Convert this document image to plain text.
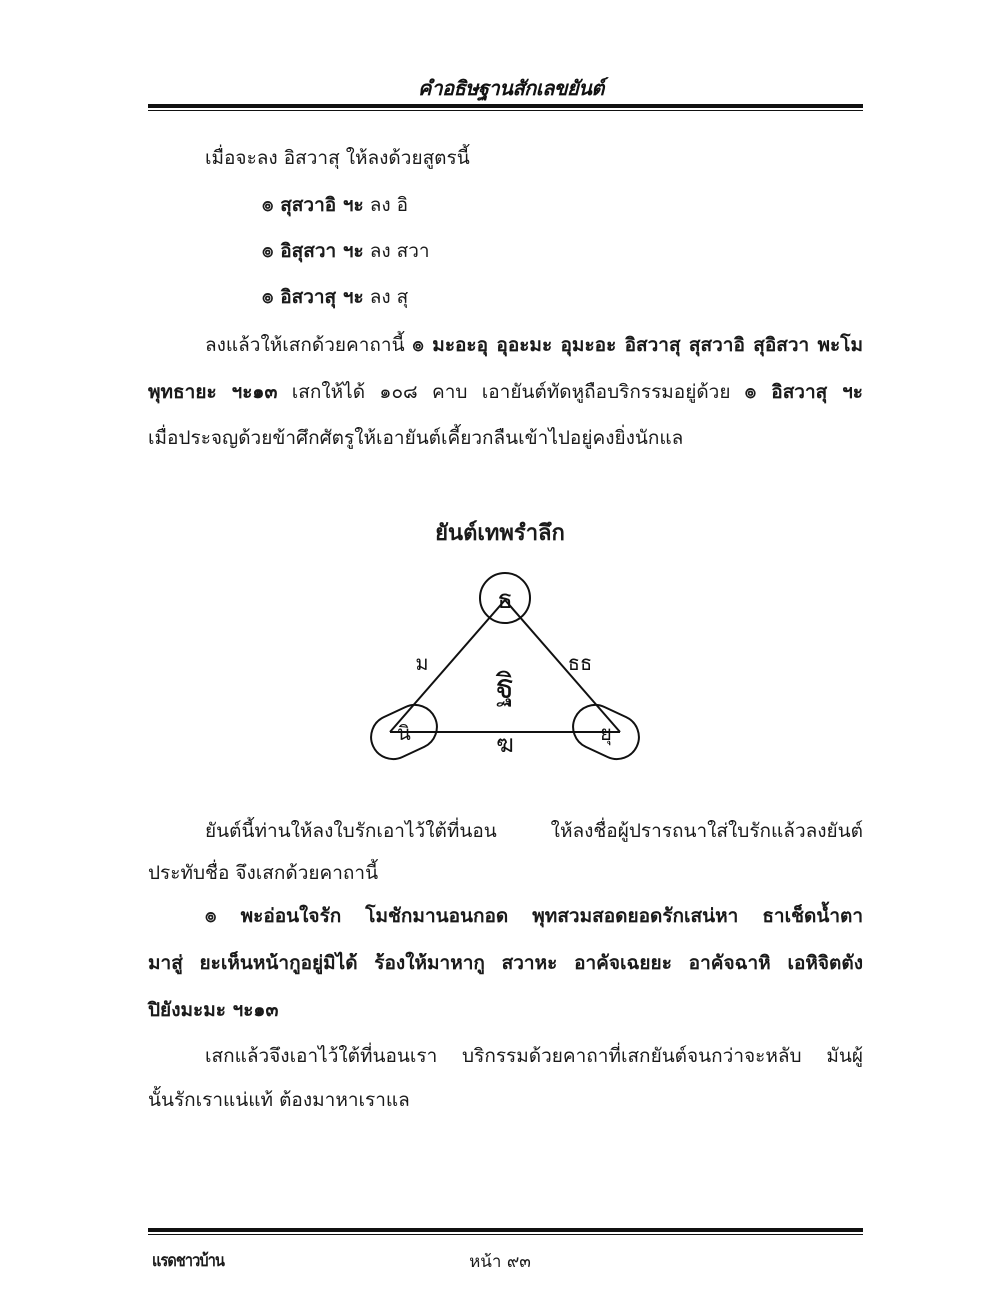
คำอธิษฐานสักเลขยันต์
เมื่อจะลง อิสวาสุ ให้ลงด้วยสูตรนี้
๏ สุสวาอิ ฯะ ลง อิ
๏ อิสุสวา ฯะ ลง สวา
๏ อิสวาสุ ฯะ ลง สุ
ลงแล้วให้เสกด้วยคาถานี้ ๏ มะอะอุ อุอะมะ อุมะอะ อิสวาสุ สุสวาอิ สุอิสวา พะโม
พุทธายะ ฯะ๑๓ เสกให้ได้ ๑๐๘ คาบ เอายันต์ทัดหูถือบริกรรมอยู่ด้วย ๏ อิสวาสุ ฯะ
เมื่อประจญด้วยข้าศึกศัตรูให้เอายันต์เคี้ยวกลืนเข้าไปอยู่คงยิ่งนักแล
ยันต์เทพรำลึก
ธ
นิ	ยุ
ม	ธธ
ฐิ
ฆ
ยันต์นี้ท่านให้ลงใบรักเอาไว้ใต้ที่นอน ให้ลงชื่อผู้ปรารถนาใส่ใบรักแล้วลงยันต์
ประทับชื่อ จึงเสกด้วยคาถานี้
๏ พะอ่อนใจรัก โมชักมานอนกอด พุทสวมสอดยอดรักเสน่หา ธาเช็ดน้ำตา
มาสู่ ยะเห็นหน้ากูอยู่มิได้ ร้องให้มาหากู สวาหะ อาคัจเฉยยะ อาคัจฉาหิ เอหิจิตตัง
ปิยังมะมะ ฯะ๑๓
เสกแล้วจึงเอาไว้ใต้ที่นอนเรา บริกรรมด้วยคาถาที่เสกยันต์จนกว่าจะหลับ มันผู้
นั้นรักเราแน่แท้ ต้องมาหาเราแล
แรดชาวบ้าน	หน้า ๙๓
